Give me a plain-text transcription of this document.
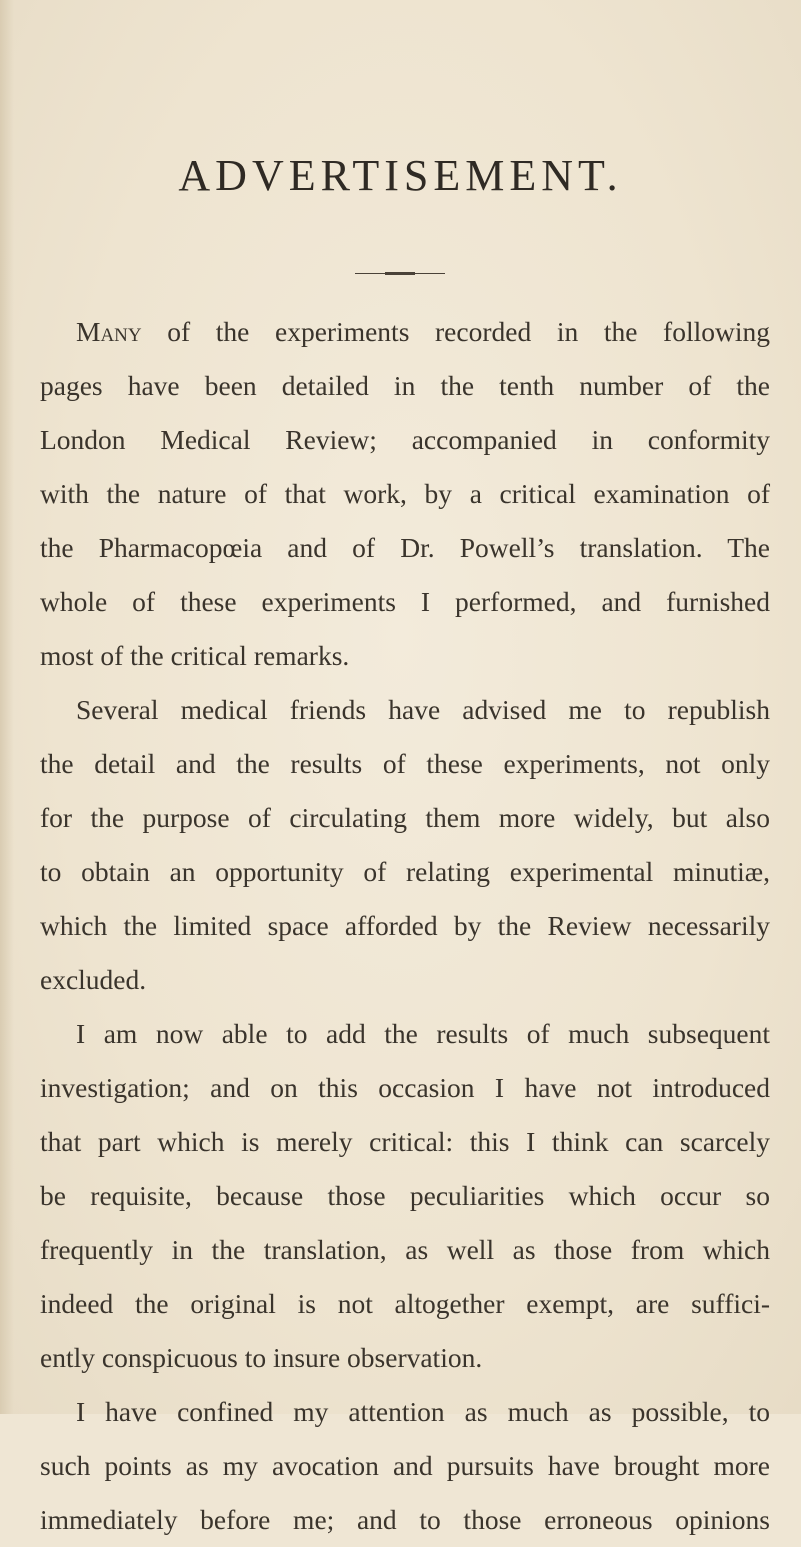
ADVERTISEMENT.
Many of the experiments recorded in the following
pages have been detailed in the tenth number of the
London Medical Review; accompanied in conformity
with the nature of that work, by a critical examination of
the Pharmacopœia and of Dr. Powell’s translation. The
whole of these experiments I performed, and furnished
most of the critical remarks.
Several medical friends have advised me to republish
the detail and the results of these experiments, not only
for the purpose of circulating them more widely, but also
to obtain an opportunity of relating experimental minutiæ,
which the limited space afforded by the Review necessarily
excluded.
I am now able to add the results of much subsequent
investigation; and on this occasion I have not introduced
that part which is merely critical: this I think can scarcely
be requisite, because those peculiarities which occur so
frequently in the translation, as well as those from which
indeed the original is not altogether exempt, are suffici-
ently conspicuous to insure observation.
I have confined my attention as much as possible, to
such points as my avocation and pursuits have brought more
immediately before me; and to those erroneous opinions
